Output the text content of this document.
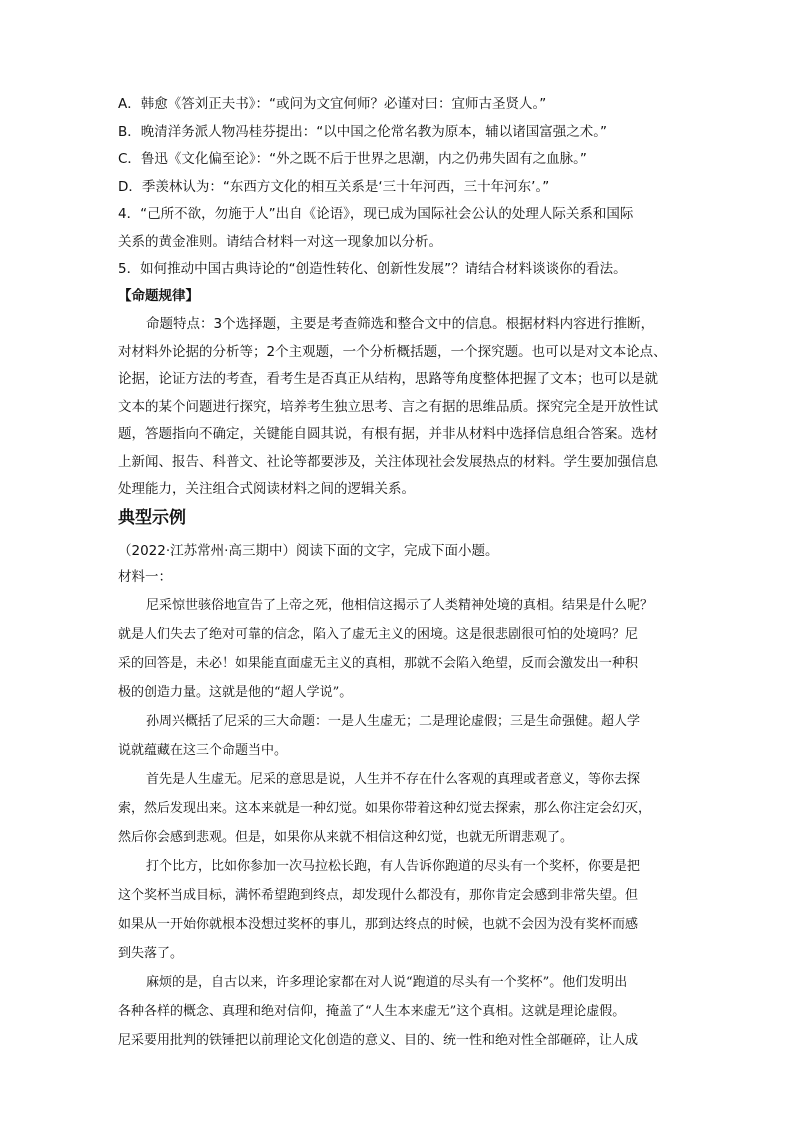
A．韩愈《答刘正夫书》：“或问为文宜何师？必谨对曰：宜师古圣贤人。”
B．晚清洋务派人物冯桂芬提出：“以中国之伦常名教为原本，辅以诸国富强之术。”
C．鲁迅《文化偏至论》：“外之既不后于世界之思潮，内之仍弗失固有之血脉。”
D．季羡林认为：“东西方文化的相互关系是‘三十年河西，三十年河东’。”
4．“己所不欲，勿施于人”出自《论语》，现已成为国际社会公认的处理人际关系和国际
关系的黄金准则。请结合材料一对这一现象加以分析。
5．如何推动中国古典诗论的“创造性转化、创新性发展”？请结合材料谈谈你的看法。
【命题规律】
命题特点：3个选择题，主要是考查筛选和整合文中的信息。根据材料内容进行推断，
对材料外论据的分析等；2个主观题，一个分析概括题，一个探究题。也可以是对文本论点、
论据，论证方法的考查，看考生是否真正从结构，思路等角度整体把握了文本；也可以是就
文本的某个问题进行探究，培养考生独立思考、言之有据的思维品质。探究完全是开放性试
题，答题指向不确定，关键能自圆其说，有根有据，并非从材料中选择信息组合答案。选材
上新闻、报告、科普文、社论等都要涉及，关注体现社会发展热点的材料。学生要加强信息
处理能力，关注组合式阅读材料之间的逻辑关系。
典型示例
（2022·江苏常州·高三期中）阅读下面的文字，完成下面小题。
材料一：
尼采惊世骇俗地宣告了上帝之死，他相信这揭示了人类精神处境的真相。结果是什么呢？
就是人们失去了绝对可靠的信念，陷入了虚无主义的困境。这是很悲剧很可怕的处境吗？尼
采的回答是，未必！如果能直面虚无主义的真相，那就不会陷入绝望，反而会激发出一种积
极的创造力量。这就是他的“超人学说”。
孙周兴概括了尼采的三大命题：一是人生虚无；二是理论虚假；三是生命强健。超人学
说就蕴藏在这三个命题当中。
首先是人生虚无。尼采的意思是说，人生并不存在什么客观的真理或者意义，等你去探
索，然后发现出来。这本来就是一种幻觉。如果你带着这种幻觉去探索，那么你注定会幻灭，
然后你会感到悲观。但是，如果你从来就不相信这种幻觉，也就无所谓悲观了。
打个比方，比如你参加一次马拉松长跑，有人告诉你跑道的尽头有一个奖杯，你要是把
这个奖杯当成目标，满怀希望跑到终点，却发现什么都没有，那你肯定会感到非常失望。但
如果从一开始你就根本没想过奖杯的事儿，那到达终点的时候，也就不会因为没有奖杯而感
到失落了。
麻烦的是，自古以来，许多理论家都在对人说“跑道的尽头有一个奖杯”。他们发明出
各种各样的概念、真理和绝对信仰，掩盖了“人生本来虚无”这个真相。这就是理论虚假。
尼采要用批判的铁锤把以前理论文化创造的意义、目的、统一性和绝对性全部砸碎，让人成
